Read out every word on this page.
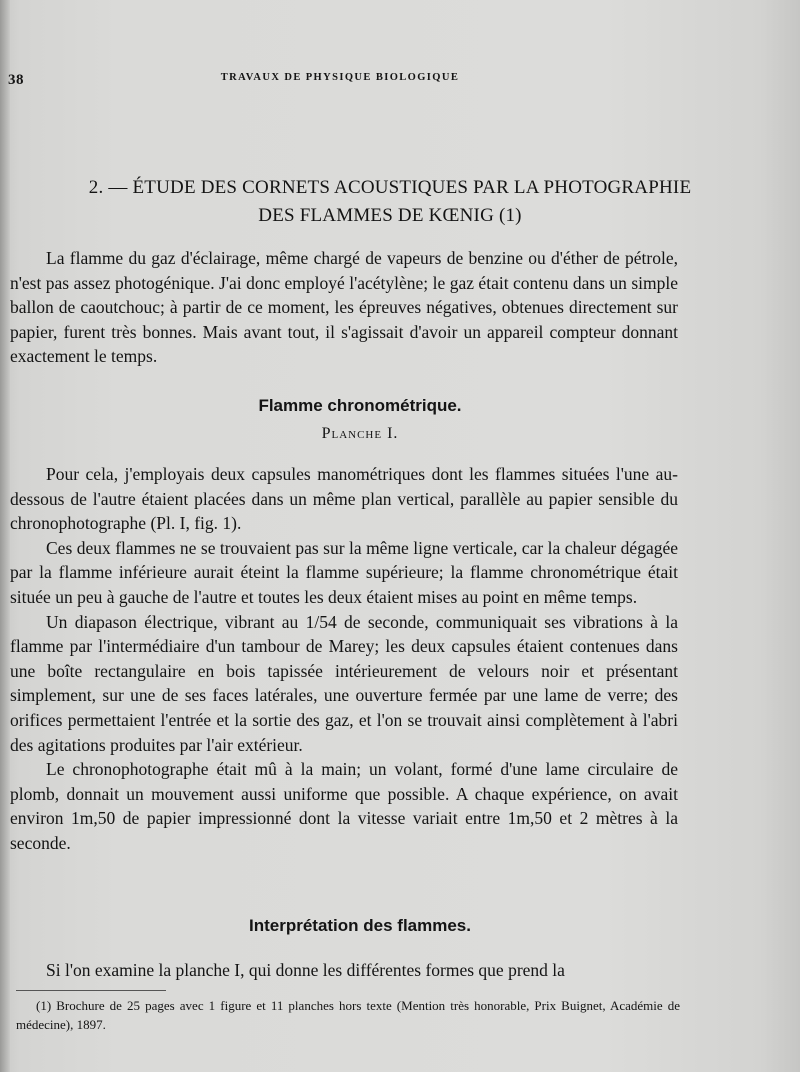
38	TRAVAUX DE PHYSIQUE BIOLOGIQUE
2. — ÉTUDE DES CORNETS ACOUSTIQUES PAR LA PHOTOGRAPHIE
DES FLAMMES DE KŒNIG (1)

La flamme du gaz d'éclairage, même chargé de vapeurs de benzine ou d'éther de pétrole, n'est pas assez photogénique. J'ai donc employé l'acétylène; le gaz était contenu dans un simple ballon de caoutchouc; à partir de ce moment, les épreuves négatives, obtenues directement sur papier, furent très bonnes. Mais avant tout, il s'agissait d'avoir un appareil compteur donnant exactement le temps.

Flamme chronométrique.
Planche I.

Pour cela, j'employais deux capsules manométriques dont les flammes situées l'une au-dessous de l'autre étaient placées dans un même plan vertical, parallèle au papier sensible du chronophotographe (Pl. I, fig. 1).

Ces deux flammes ne se trouvaient pas sur la même ligne verticale, car la chaleur dégagée par la flamme inférieure aurait éteint la flamme supérieure; la flamme chronométrique était située un peu à gauche de l'autre et toutes les deux étaient mises au point en même temps.

Un diapason électrique, vibrant au 1/54 de seconde, communiquait ses vibrations à la flamme par l'intermédiaire d'un tambour de Marey; les deux capsules étaient contenues dans une boîte rectangulaire en bois tapissée intérieurement de velours noir et présentant simplement, sur une de ses faces latérales, une ouverture fermée par une lame de verre; des orifices permettaient l'entrée et la sortie des gaz, et l'on se trouvait ainsi complètement à l'abri des agitations produites par l'air extérieur.

Le chronophotographe était mû à la main; un volant, formé d'une lame circulaire de plomb, donnait un mouvement aussi uniforme que possible. A chaque expérience, on avait environ 1m,50 de papier impressionné dont la vitesse variait entre 1m,50 et 2 mètres à la seconde.

Interprétation des flammes.

Si l'on examine la planche I, qui donne les différentes formes que prend la

(1) Brochure de 25 pages avec 1 figure et 11 planches hors texte (Mention très honorable, Prix Buignet, Académie de médecine), 1897.
